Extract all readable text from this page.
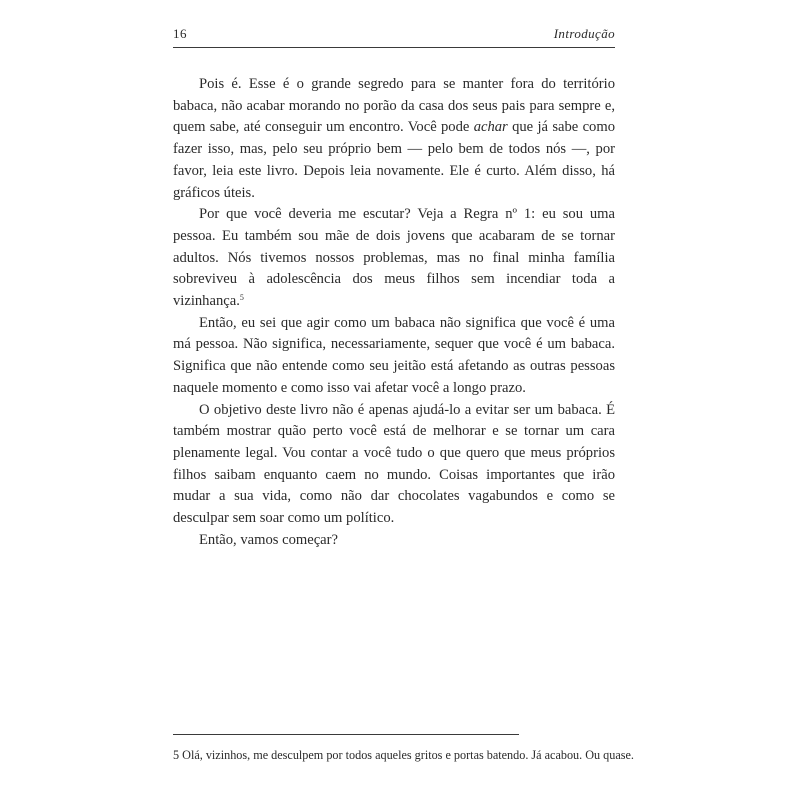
16	Introdução

Pois é. Esse é o grande segredo para se manter fora do território babaca, não acabar morando no porão da casa dos seus pais para sempre e, quem sabe, até conseguir um encontro. Você pode achar que já sabe como fazer isso, mas, pelo seu próprio bem — pelo bem de todos nós —, por favor, leia este livro. Depois leia novamente. Ele é curto. Além disso, há gráficos úteis.

Por que você deveria me escutar? Veja a Regra nº 1: eu sou uma pessoa. Eu também sou mãe de dois jovens que acabaram de se tornar adultos. Nós tivemos nossos problemas, mas no final minha família sobreviveu à adolescência dos meus filhos sem incendiar toda a vizinhança.$^5$

Então, eu sei que agir como um babaca não significa que você é uma má pessoa. Não significa, necessariamente, sequer que você é um babaca. Significa que não entende como seu jeitão está afetando as outras pessoas naquele momento e como isso vai afetar você a longo prazo.

O objetivo deste livro não é apenas ajudá-lo a evitar ser um babaca. É também mostrar quão perto você está de melhorar e se tornar um cara plenamente legal. Vou contar a você tudo o que quero que meus próprios filhos saibam enquanto caem no mundo. Coisas importantes que irão mudar a sua vida, como não dar chocolates vagabundos e como se desculpar sem soar como um político.

Então, vamos começar?

5 Olá, vizinhos, me desculpem por todos aqueles gritos e portas batendo. Já acabou. Ou quase.
